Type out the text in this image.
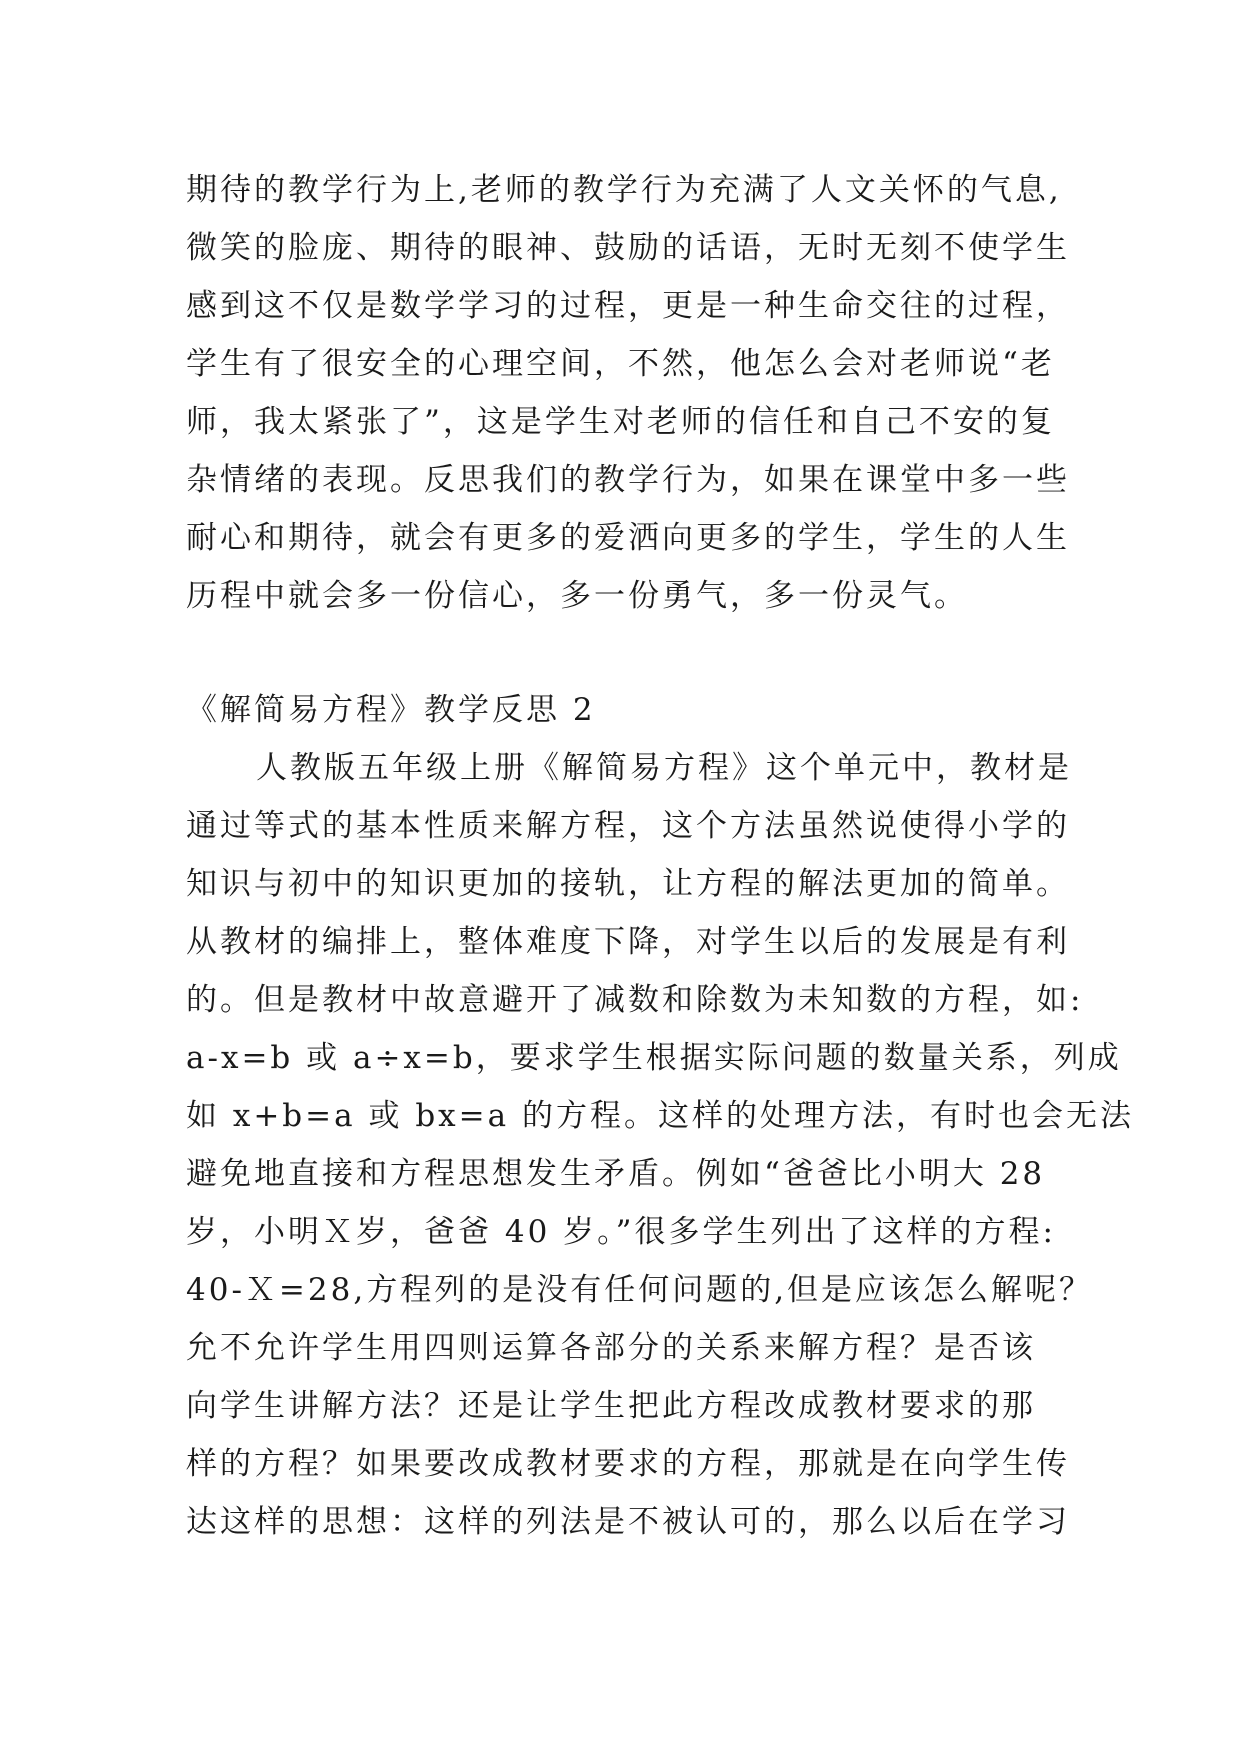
期待的教学行为上,老师的教学行为充满了人文关怀的气息,
微笑的脸庞、期待的眼神、鼓励的话语，无时无刻不使学生
感到这不仅是数学学习的过程，更是一种生命交往的过程，
学生有了很安全的心理空间，不然，他怎么会对老师说“老
师，我太紧张了”，这是学生对老师的信任和自己不安的复
杂情绪的表现。反思我们的教学行为，如果在课堂中多一些
耐心和期待，就会有更多的爱洒向更多的学生，学生的人生
历程中就会多一份信心，多一份勇气，多一份灵气。
《解简易方程》教学反思 2
人教版五年级上册《解简易方程》这个单元中，教材是
通过等式的基本性质来解方程，这个方法虽然说使得小学的
知识与初中的知识更加的接轨，让方程的解法更加的简单。
从教材的编排上，整体难度下降，对学生以后的发展是有利
的。但是教材中故意避开了减数和除数为未知数的方程，如:
a-x=b 或 a÷x=b，要求学生根据实际问题的数量关系，列成
如 x+b=a 或 bx=a 的方程。这样的处理方法，有时也会无法
避免地直接和方程思想发生矛盾。例如“爸爸比小明大 28
岁，小明Ｘ岁，爸爸 40 岁。”很多学生列出了这样的方程:
40-Ｘ=28,方程列的是没有任何问题的,但是应该怎么解呢？
允不允许学生用四则运算各部分的关系来解方程？是否该
向学生讲解方法？还是让学生把此方程改成教材要求的那
样的方程？如果要改成教材要求的方程，那就是在向学生传
达这样的思想：这样的列法是不被认可的，那么以后在学习
